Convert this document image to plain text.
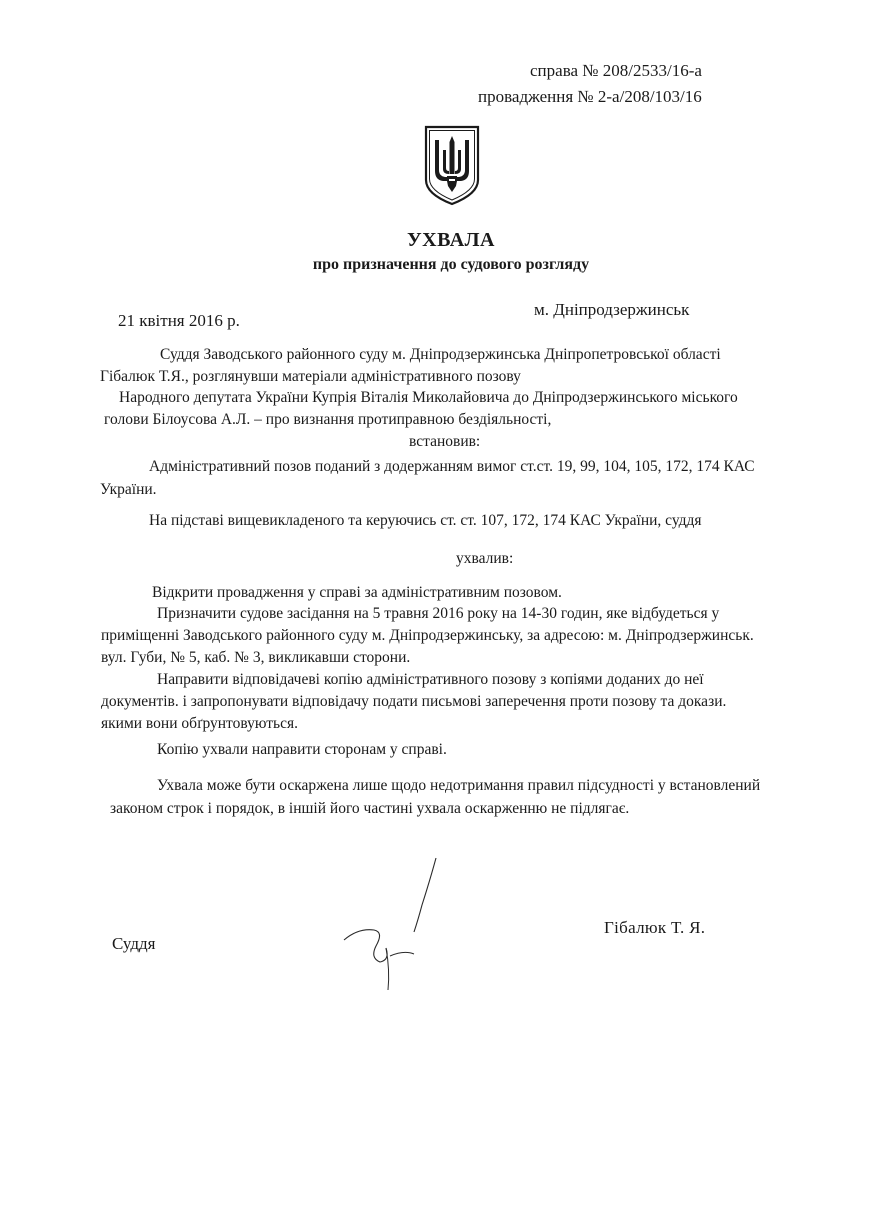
справа № 208/2533/16-а
провадження № 2-а/208/103/16
УХВАЛА
про призначення до судового розгляду
21 квітня 2016 р.
м. Дніпродзержинськ
Суддя Заводського районного суду м. Дніпродзержинська Дніпропетровської області
Гібалюк Т.Я., розглянувши матеріали адміністративного позову
Народного депутата України Купрія Віталія Миколайовича до Дніпродзержинського міського
голови Білоусова А.Л. – про визнання протиправною бездіяльності,
встановив:
Адміністративний позов поданий з додержанням вимог ст.ст. 19, 99, 104, 105, 172, 174 КАС
України.
На підставі вищевикладеного та керуючись ст. ст. 107, 172, 174 КАС України, суддя
ухвалив:
Відкрити провадження у справі за адміністративним позовом.
Призначити судове засідання на 5 травня 2016 року на 14-30 годин, яке відбудеться у
приміщенні Заводського районного суду м. Дніпродзержинську, за адресою: м. Дніпродзержинськ.
вул. Губи, № 5, каб. № 3, викликавши сторони.
Направити відповідачеві копію адміністративного позову з копіями доданих до неї
документів. і запропонувати відповідачу подати письмові заперечення проти позову та докази.
якими вони обґрунтовуються.
Копію ухвали направити сторонам у справі.
Ухвала може бути оскаржена лише щодо недотримання правил підсудності у встановлений
законом строк і порядок, в іншій його частині ухвала оскарженню не підлягає.
Суддя
Гібалюк Т. Я.
